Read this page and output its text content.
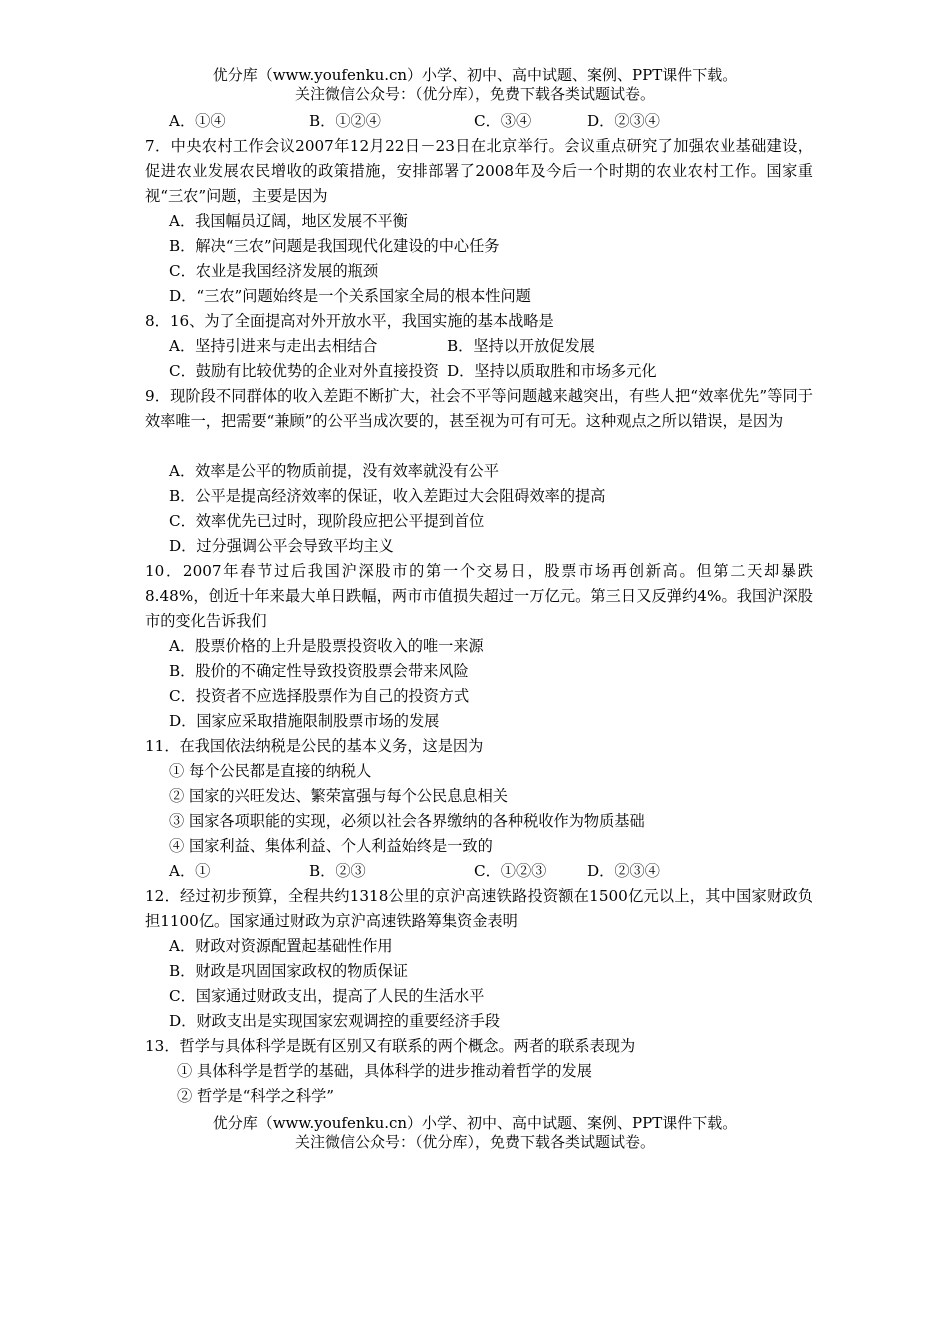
优分库（www.youfenku.cn）小学、初中、高中试题、案例、PPT课件下载。
关注微信公众号：（优分库），免费下载各类试题试卷。
A．①④	B．①②④	C．③④	D．②③④
7．中央农村工作会议2007年12月22日－23日在北京举行。会议重点研究了加强农业基础建设，促进农业发展农民增收的政策措施，安排部署了2008年及今后一个时期的农业农村工作。国家重视“三农”问题，主要是因为
A．我国幅员辽阔，地区发展不平衡
B．解决“三农”问题是我国现代化建设的中心任务
C．农业是我国经济发展的瓶颈
D．“三农”问题始终是一个关系国家全局的根本性问题
8．16、为了全面提高对外开放水平，我国实施的基本战略是
A．坚持引进来与走出去相结合	B．坚持以开放促发展
C．鼓励有比较优势的企业对外直接投资 D．坚持以质取胜和市场多元化
9．现阶段不同群体的收入差距不断扩大，社会不平等问题越来越突出，有些人把“效率优先”等同于效率唯一，把需要“兼顾”的公平当成次要的，甚至视为可有可无。这种观点之所以错误，是因为
A．效率是公平的物质前提，没有效率就没有公平
B．公平是提高经济效率的保证，收入差距过大会阻碍效率的提高
C．效率优先已过时，现阶段应把公平提到首位
D．过分强调公平会导致平均主义
10．2007年春节过后我国沪深股市的第一个交易日，股票市场再创新高。但第二天却暴跌8.48%，创近十年来最大单日跌幅，两市市值损失超过一万亿元。第三日又反弹约4%。我国沪深股市的变化告诉我们
A．股票价格的上升是股票投资收入的唯一来源
B．股价的不确定性导致投资股票会带来风险
C．投资者不应选择股票作为自己的投资方式
D．国家应采取措施限制股票市场的发展
11．在我国依法纳税是公民的基本义务，这是因为
① 每个公民都是直接的纳税人
② 国家的兴旺发达、繁荣富强与每个公民息息相关
③ 国家各项职能的实现，必须以社会各界缴纳的各种税收作为物质基础
④ 国家利益、集体利益、个人利益始终是一致的
A．①	B．②③	C．①②③	D．②③④
12．经过初步预算，全程共约1318公里的京沪高速铁路投资额在1500亿元以上，其中国家财政负担1100亿。国家通过财政为京沪高速铁路筹集资金表明
A．财政对资源配置起基础性作用
B．财政是巩固国家政权的物质保证
C．国家通过财政支出，提高了人民的生活水平
D．财政支出是实现国家宏观调控的重要经济手段
13．哲学与具体科学是既有区别又有联系的两个概念。两者的联系表现为
① 具体科学是哲学的基础，具体科学的进步推动着哲学的发展
② 哲学是“科学之科学”
优分库（www.youfenku.cn）小学、初中、高中试题、案例、PPT课件下载。
关注微信公众号：（优分库），免费下载各类试题试卷。
